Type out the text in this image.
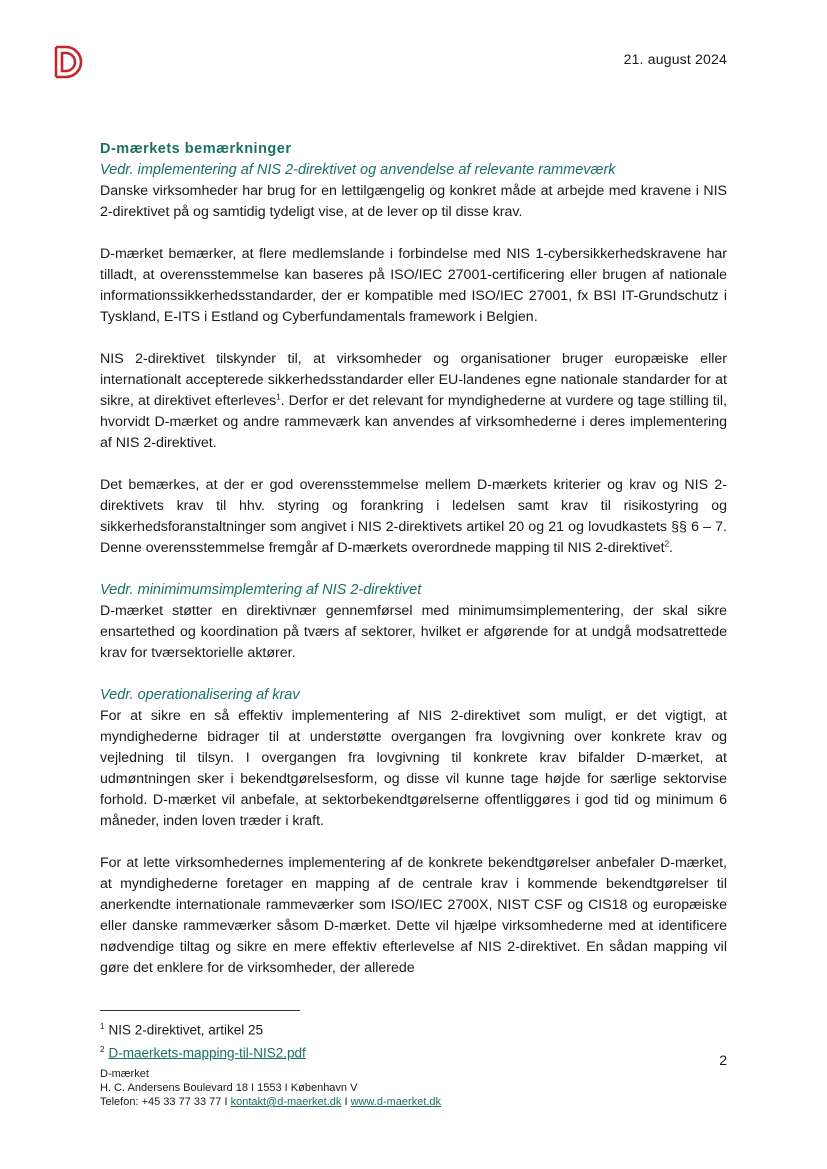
21. august 2024
D-mærkets bemærkninger
Vedr. implementering af NIS 2-direktivet og anvendelse af relevante rammeværk

Danske virksomheder har brug for en lettilgængelig og konkret måde at arbejde med kravene i NIS 2-direktivet på og samtidig tydeligt vise, at de lever op til disse krav.

D-mærket bemærker, at flere medlemslande i forbindelse med NIS 1-cybersikkerhedskravene har tilladt, at overensstemmelse kan baseres på ISO/IEC 27001-certificering eller brugen af nationale informationssikkerhedsstandarder, der er kompatible med ISO/IEC 27001, fx BSI IT-Grundschutz i Tyskland, E-ITS i Estland og Cyberfundamentals framework i Belgien.

NIS 2-direktivet tilskynder til, at virksomheder og organisationer bruger europæiske eller internationalt accepterede sikkerhedsstandarder eller EU-landenes egne nationale standarder for at sikre, at direktivet efterleves$^1$. Derfor er det relevant for myndighederne at vurdere og tage stilling til, hvorvidt D-mærket og andre rammeværk kan anvendes af virksomhederne i deres implementering af NIS 2-direktivet.

Det bemærkes, at der er god overensstemmelse mellem D-mærkets kriterier og krav og NIS 2-direktivets krav til hhv. styring og forankring i ledelsen samt krav til risikostyring og sikkerhedsforanstaltninger som angivet i NIS 2-direktivets artikel 20 og 21 og lovudkastets §§ 6 – 7. Denne overensstemmelse fremgår af D-mærkets overordnede mapping til NIS 2-direktivet$^2$.

Vedr. minimimumsimplemtering af NIS 2-direktivet

D-mærket støtter en direktivnær gennemførsel med minimumsimplementering, der skal sikre ensartethed og koordination på tværs af sektorer, hvilket er afgørende for at undgå modsatrettede krav for tværsektorielle aktører.

Vedr. operationalisering af krav

For at sikre en så effektiv implementering af NIS 2-direktivet som muligt, er det vigtigt, at myndighederne bidrager til at understøtte overgangen fra lovgivning over konkrete krav og vejledning til tilsyn. I overgangen fra lovgivning til konkrete krav bifalder D-mærket, at udmøntningen sker i bekendtgørelsesform, og disse vil kunne tage højde for særlige sektorvise forhold. D-mærket vil anbefale, at sektorbekendtgørelserne offentliggøres i god tid og minimum 6 måneder, inden loven træder i kraft.

For at lette virksomhedernes implementering af de konkrete bekendtgørelser anbefaler D-mærket, at myndighederne foretager en mapping af de centrale krav i kommende bekendtgørelser til anerkendte internationale rammeværker som ISO/IEC 2700X, NIST CSF og CIS18 og europæiske eller danske rammeværker såsom D-mærket. Dette vil hjælpe virksomhederne med at identificere nødvendige tiltag og sikre en mere effektiv efterlevelse af NIS 2-direktivet. En sådan mapping vil gøre det enklere for de virksomheder, der allerede

$^1$ NIS 2-direktivet, artikel 25
$^2$ D-maerkets-mapping-til-NIS2.pdf	2
D-mærket
H. C. Andersens Boulevard 18 I 1553 I København V
Telefon: +45 33 77 33 77 I kontakt@d-maerket.dk I www.d-maerket.dk
